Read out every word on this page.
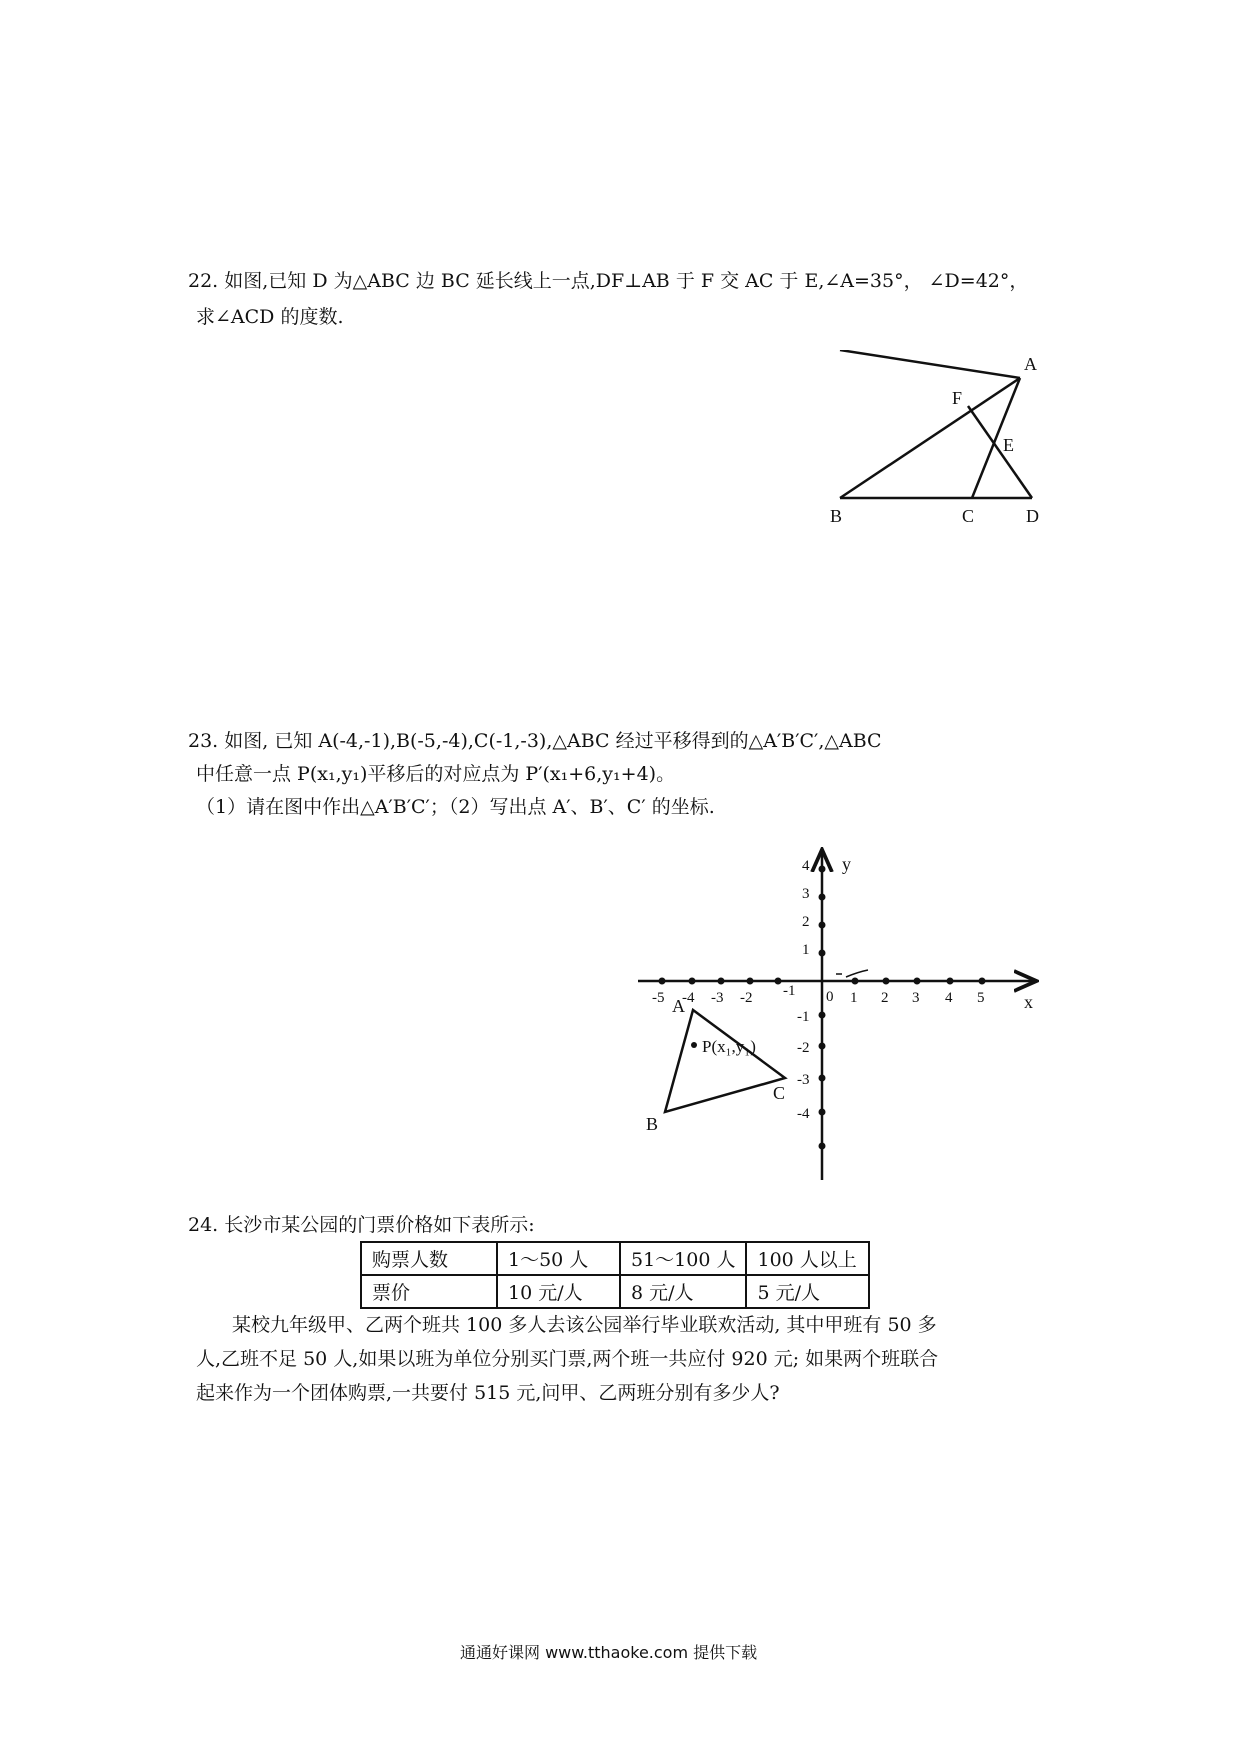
22. 如图,已知 D 为△ABC 边 BC 延长线上一点,DF⊥AB 于 F 交 AC 于 E,∠A=35°， ∠D=42°，
求∠ACD 的度数.
A
B	C	D
E
F
23. 如图, 已知 A(-4,-1),B(-5,-4),C(-1,-3),△ABC 经过平移得到的△A′B′C′,△ABC
中任意一点 P(x₁,y₁)平移后的对应点为 P′(x₁+6,y₁+4)。
（1）请在图中作出△A′B′C′；（2）写出点 A′、B′、C′ 的坐标.
x
y
0
-5 -4 -3 -2 -1	1 2 3 4 5
4
3
2
1
-1
-2
-3
-4
A
B
C
P(x₁,y₁)
24. 长沙市某公园的门票价格如下表所示:
购票人数	1～50 人	51～100 人	100 人以上
票价	10 元/人	8 元/人	5 元/人
某校九年级甲、乙两个班共 100 多人去该公园举行毕业联欢活动, 其中甲班有 50 多
人,乙班不足 50 人,如果以班为单位分别买门票,两个班一共应付 920 元; 如果两个班联合
起来作为一个团体购票,一共要付 515 元,问甲、乙两班分别有多少人?
通通好课网 www.tthaoke.com 提供下载
